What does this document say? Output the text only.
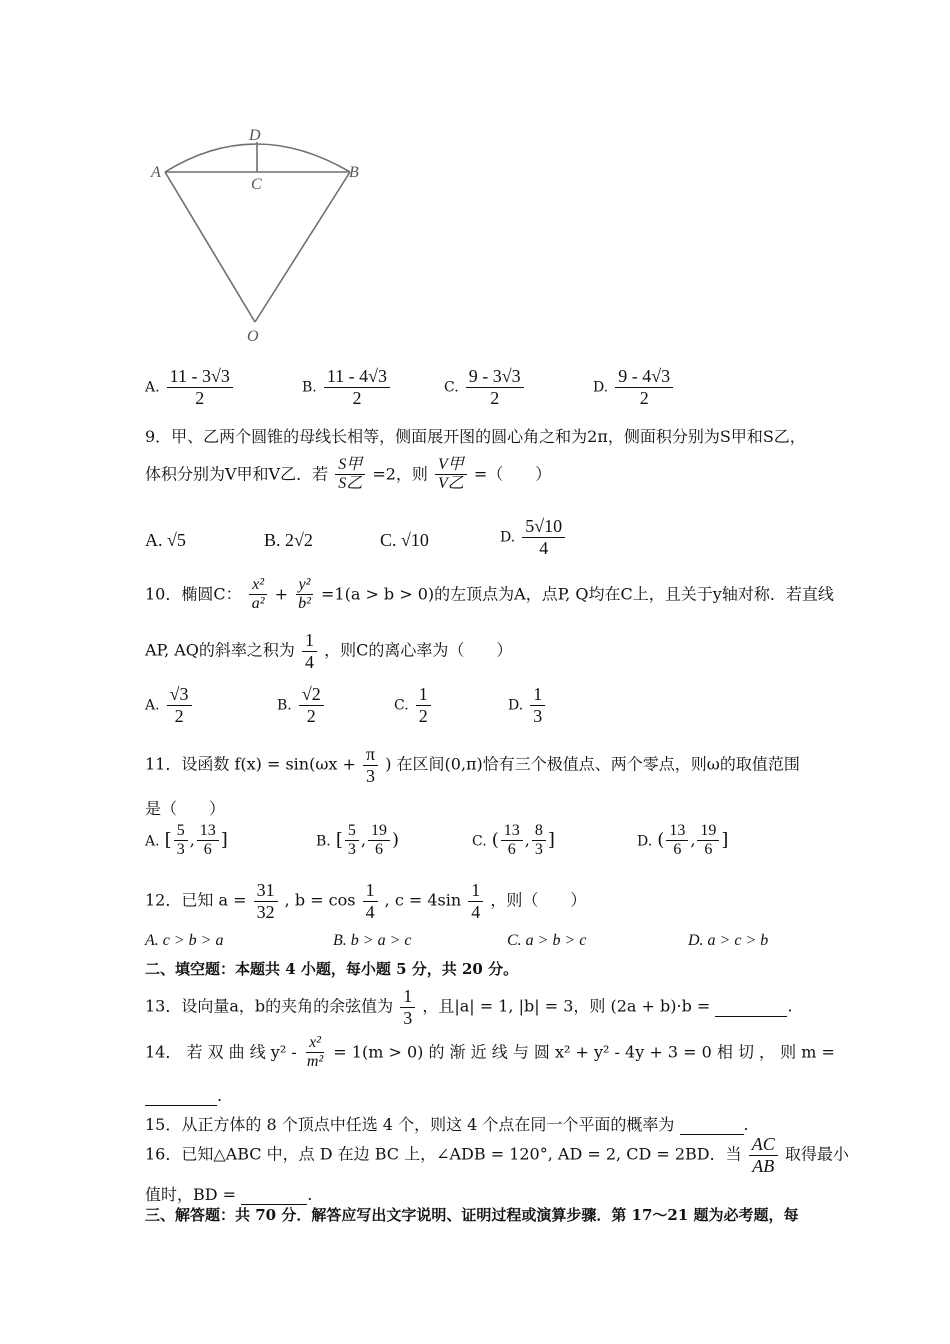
D
A	B
C
O
A. $\frac{11 - 3√3}{2}$	B. $\frac{11 - 4√3}{2}$	C. $\frac{9 - 3√3}{2}$	D. $\frac{9 - 4√3}{2}$
9．甲、乙两个圆锥的母线长相等，侧面展开图的圆心角之和为2π，侧面积分别为S甲和S乙，
体积分别为V甲和V乙．若 $\frac{\text{S甲}}{\text{S乙}} =2$，则 $\frac{\text{V甲}}{\text{V乙}}$ =（　　）
A. √5	B. 2√2	C. √10	D. $\frac{5√10}{4}$
10．椭圆C： $\frac{\text{x²}}{\text{a²}} + \frac{\text{y²}}{\text{b²}} =1(a > b > 0)$的左顶点为A，点P, Q均在C上，且关于y轴对称．若直线
AP, AQ的斜率之积为 $\frac{1}{4}$ ，则C的离心率为（　　）
A. $\frac{√3}{2}$	B. $\frac{√2}{2}$	C. $\frac{1}{2}$	D. $\frac{1}{3}$
11．设函数 $f(x) = \sin(\omega x + \frac{\pi}{3}$ ) 在区间(0,π)恰有三个极值点、两个零点，则ω的取值范围
是（　　）
A. [ $\frac{5}{3}$ , $\frac{13}{6}$ ]	B. [ $\frac{5}{3}$ , $\frac{19}{6}$ )	C. ( $\frac{13}{6}$ , $\frac{8}{3}$ ]	D. ( $\frac{13}{6}$ , $\frac{19}{6}$ ]
12．已知 $a = \frac{31}{32}$ , $b = \cos \frac{1}{4}$ , $c = 4\sin \frac{1}{4}$ ，则（　　）
A. c > b > a	B. b > a > c	C. a > b > c	D. a > c > b
二、填空题：本题共 4 小题，每小题 5 分，共 20 分。
13．设向量a，b的夹角的余弦值为 $\frac{1}{3}$ ，且|a| = 1, |b| = 3，则 (2a + b)·b =	.
14． 若 双 曲 线 $y^2 - \frac{\text{x²}}{\text{m²}} = 1(m > 0)$ 的 渐 近 线 与 圆 x² + y² - 4y + 3 = 0 相 切 ， 则 m =
.
15．从正方体的 8 个顶点中任选 4 个，则这 4 个点在同一个平面的概率为	.
16．已知△ABC 中，点 D 在边 BC 上，∠ADB = 120°, AD = 2, CD = 2BD．当 $\frac{AC}{AB}$ 取得最小
值时，BD =	.
三、解答题：共 70 分．解答应写出文字说明、证明过程或演算步骤．第 17～21 题为必考题，每
